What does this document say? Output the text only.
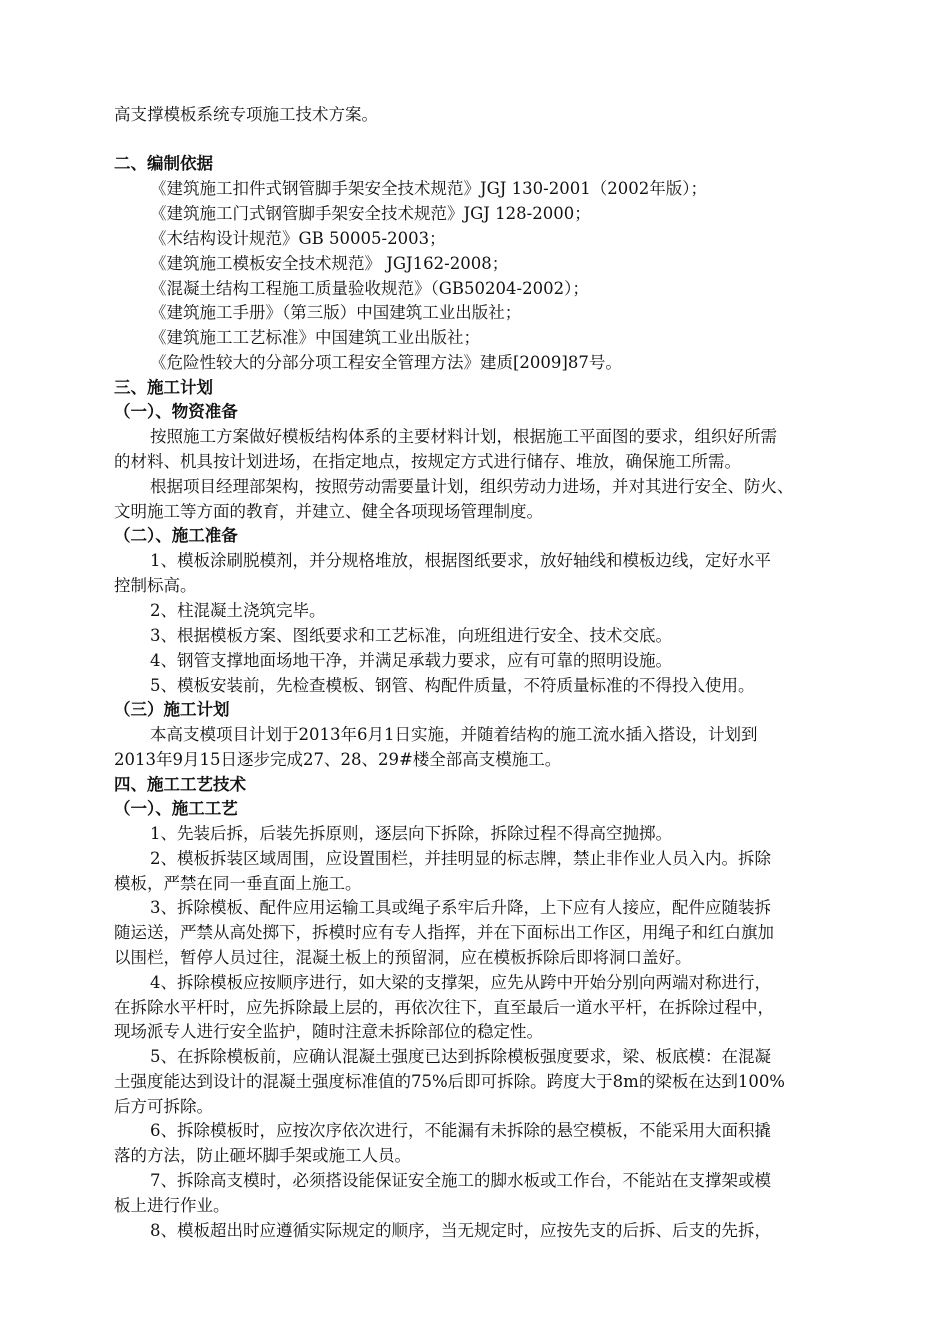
高支撑模板系统专项施工技术方案。
二、编制依据
《建筑施工扣件式钢管脚手架安全技术规范》JGJ 130-2001（2002年版）；
《建筑施工门式钢管脚手架安全技术规范》JGJ 128-2000；
《木结构设计规范》GB 50005-2003；
《建筑施工模板安全技术规范》 JGJ162-2008；
《混凝土结构工程施工质量验收规范》（GB50204-2002）；
《建筑施工手册》（第三版）中国建筑工业出版社；
《建筑施工工艺标准》中国建筑工业出版社；
《危险性较大的分部分项工程安全管理方法》建质[2009]87号。
三、施工计划
（一）、物资准备
按照施工方案做好模板结构体系的主要材料计划，根据施工平面图的要求，组织好所需
的材料、机具按计划进场，在指定地点，按规定方式进行储存、堆放，确保施工所需。
根据项目经理部架构，按照劳动需要量计划，组织劳动力进场，并对其进行安全、防火、
文明施工等方面的教育，并建立、健全各项现场管理制度。
（二）、施工准备
1、模板涂刷脱模剂，并分规格堆放，根据图纸要求，放好轴线和模板边线，定好水平
控制标高。
2、柱混凝土浇筑完毕。
3、根据模板方案、图纸要求和工艺标准，向班组进行安全、技术交底。
4、钢管支撑地面场地干净，并满足承载力要求，应有可靠的照明设施。
5、模板安装前，先检查模板、钢管、构配件质量，不符质量标准的不得投入使用。
（三）施工计划
本高支模项目计划于2013年6月1日实施，并随着结构的施工流水插入搭设，计划到
2013年9月15日逐步完成27、28、29#楼全部高支模施工。
四、施工工艺技术
（一）、施工工艺
1、先装后拆，后装先拆原则，逐层向下拆除，拆除过程不得高空抛掷。
2、模板拆装区域周围，应设置围栏，并挂明显的标志牌，禁止非作业人员入内。拆除
模板，严禁在同一垂直面上施工。
3、拆除模板、配件应用运输工具或绳子系牢后升降，上下应有人接应，配件应随装拆
随运送，严禁从高处掷下，拆模时应有专人指挥，并在下面标出工作区，用绳子和红白旗加
以围栏，暂停人员过往，混凝土板上的预留洞，应在模板拆除后即将洞口盖好。
4、拆除模板应按顺序进行，如大梁的支撑架，应先从跨中开始分别向两端对称进行，
在拆除水平杆时，应先拆除最上层的，再依次往下，直至最后一道水平杆，在拆除过程中，
现场派专人进行安全监护，随时注意未拆除部位的稳定性。
5、在拆除模板前，应确认混凝土强度已达到拆除模板强度要求，梁、板底模：在混凝
土强度能达到设计的混凝土强度标准值的75%后即可拆除。跨度大于8m的梁板在达到100%
后方可拆除。
6、拆除模板时，应按次序依次进行，不能漏有未拆除的悬空模板，不能采用大面积撬
落的方法，防止砸坏脚手架或施工人员。
7、拆除高支模时，必须搭设能保证安全施工的脚水板或工作台，不能站在支撑架或模
板上进行作业。
8、模板超出时应遵循实际规定的顺序，当无规定时，应按先支的后拆、后支的先拆，
